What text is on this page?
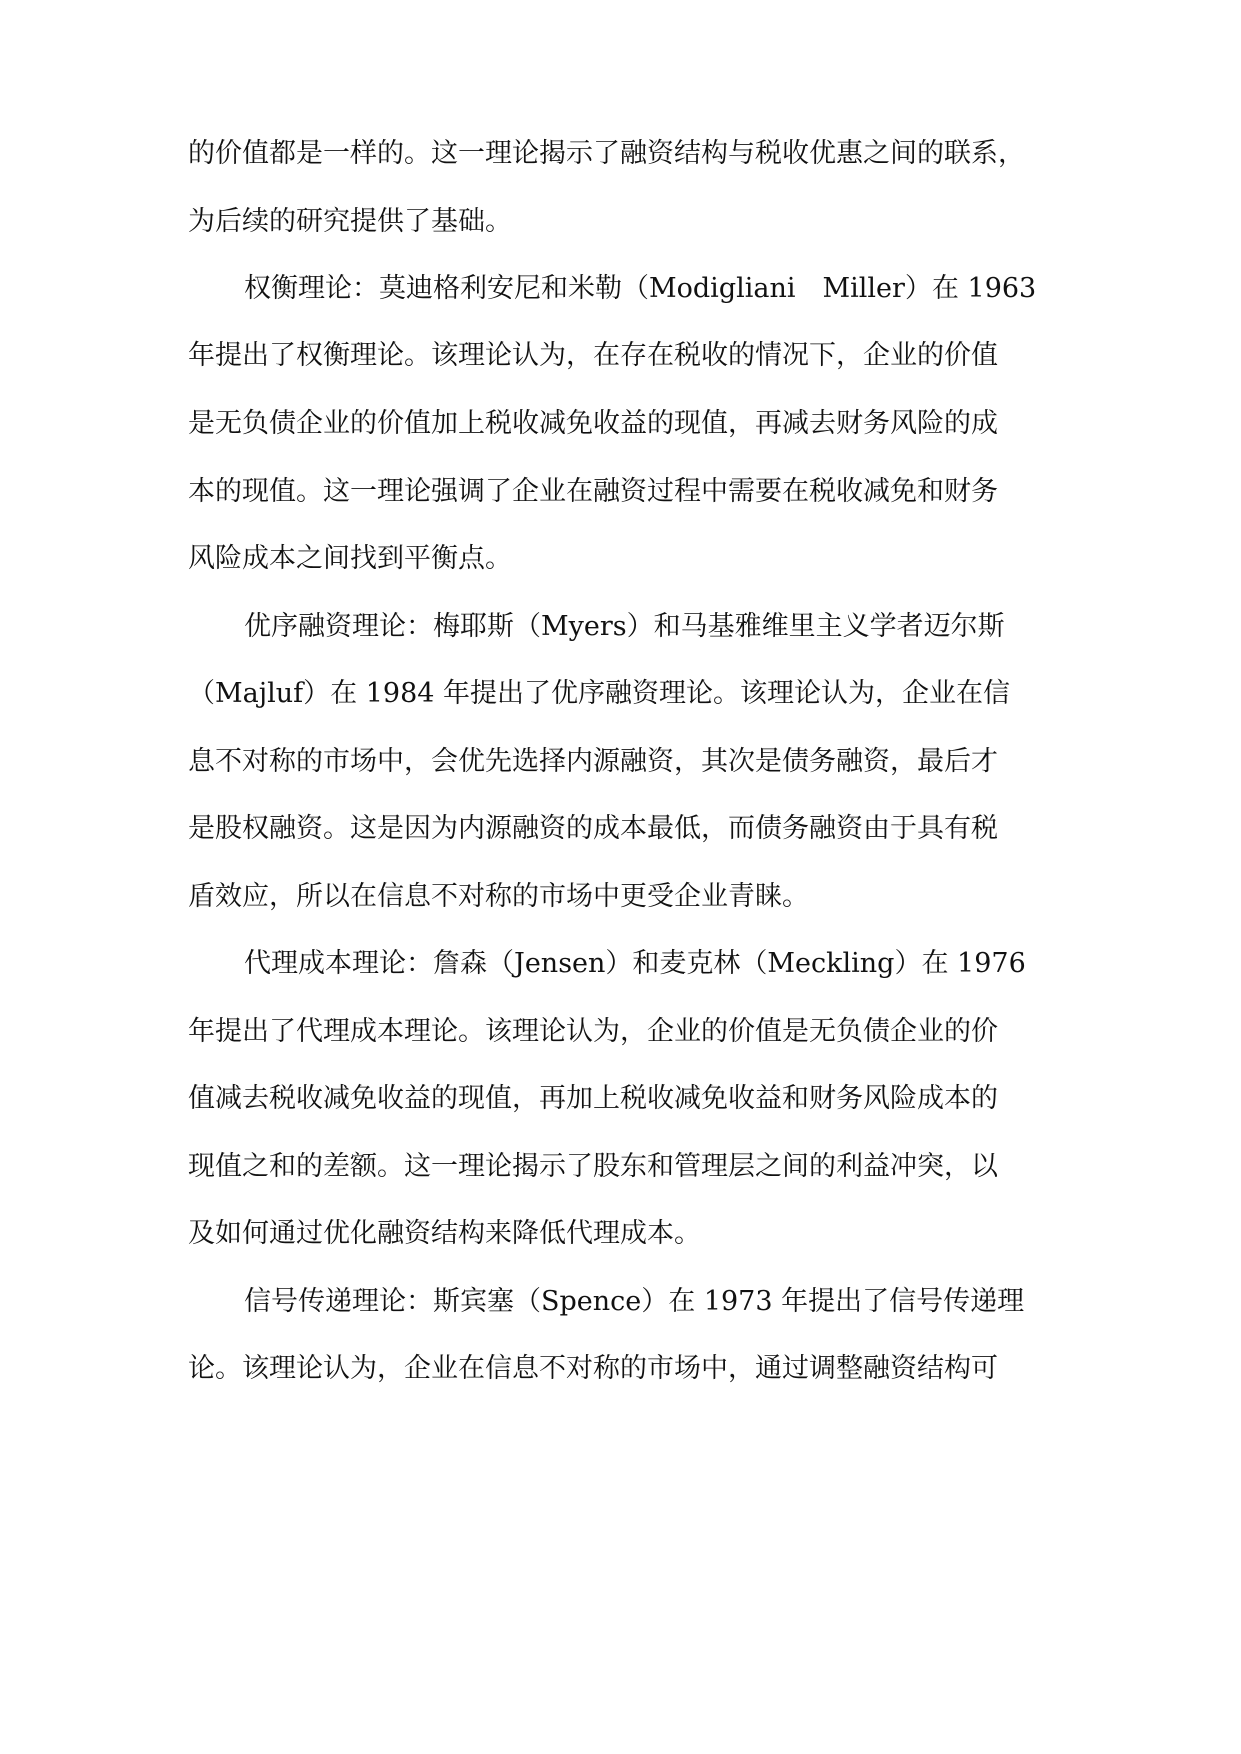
的价值都是一样的。这一理论揭示了融资结构与税收优惠之间的联系，
为后续的研究提供了基础。
权衡理论：莫迪格利安尼和米勒（Modigliani　Miller）在 1963
年提出了权衡理论。该理论认为，在存在税收的情况下，企业的价值
是无负债企业的价值加上税收减免收益的现值，再减去财务风险的成
本的现值。这一理论强调了企业在融资过程中需要在税收减免和财务
风险成本之间找到平衡点。
优序融资理论：梅耶斯（Myers）和马基雅维里主义学者迈尔斯
（Majluf）在 1984 年提出了优序融资理论。该理论认为，企业在信
息不对称的市场中，会优先选择内源融资，其次是债务融资，最后才
是股权融资。这是因为内源融资的成本最低，而债务融资由于具有税
盾效应，所以在信息不对称的市场中更受企业青睐。
代理成本理论：詹森（Jensen）和麦克林（Meckling）在 1976
年提出了代理成本理论。该理论认为，企业的价值是无负债企业的价
值减去税收减免收益的现值，再加上税收减免收益和财务风险成本的
现值之和的差额。这一理论揭示了股东和管理层之间的利益冲突，以
及如何通过优化融资结构来降低代理成本。
信号传递理论：斯宾塞（Spence）在 1973 年提出了信号传递理
论。该理论认为，企业在信息不对称的市场中，通过调整融资结构可
